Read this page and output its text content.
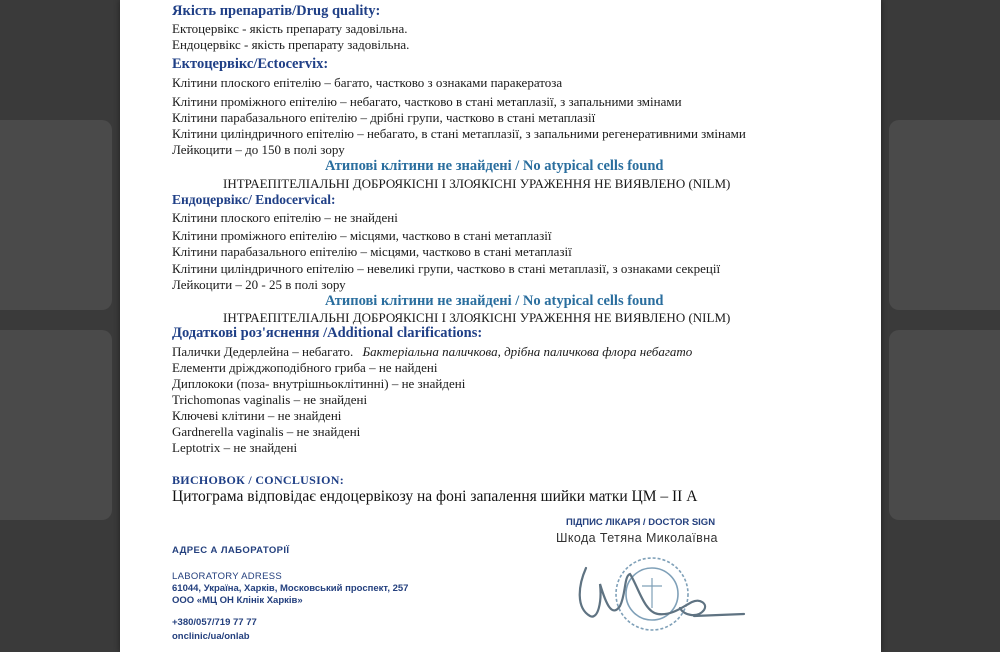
Якість препаратів/Drug quality:
Ектоцервікс - якість препарату задовільна.
Ендоцервікс - якість препарату задовільна.
Ектоцервікс/Ectocervix:
Клітини плоского епітелію – багато, частково з ознаками паракератоза
Клітини проміжного епітелію – небагато, частково в стані метаплазії, з запальними змінами
Клітини парабазального епітелію – дрібні групи, частково в стані метаплазії
Клітини циліндричного епітелію – небагато, в стані метаплазії, з запальними регенеративними змінами
Лейкоцити – до 150 в полі зору
Атипові клітини не знайдені / No atypical cells found
ІНТРАЕПІТЕЛІАЛЬНІ ДОБРОЯКІСНІ І ЗЛОЯКІСНІ УРАЖЕННЯ НЕ ВИЯВЛЕНО (NILM)
Ендоцервікс/ Endocervical:
Клітини плоского епітелію – не знайдені
Клітини проміжного епітелію – місцями, частково в стані метаплазії
Клітини парабазального епітелію – місцями, частково в стані метаплазії
Клітини циліндричного епітелію – невеликі групи, частково в стані метаплазії, з ознаками секреції
Лейкоцити – 20 - 25 в полі зору
Атипові клітини не знайдені / No atypical cells found
ІНТРАЕПІТЕЛІАЛЬНІ ДОБРОЯКІСНІ І ЗЛОЯКІСНІ УРАЖЕННЯ НЕ ВИЯВЛЕНО (NILM)
Додаткові роз'яснення /Additional clarifications:
Палички Дедерлейна – небагато. Бактеріальна паличкова, дрібна паличкова флора небагато
Елементи дріжджоподібного гриба – не найдені
Диплококи (поза- внутрішньоклітинні) – не знайдені
Trichomonas vaginalis – не знайдені
Ключеві клітини – не знайдені
Gardnerella vaginalis – не знайдені
Leptotrix – не знайдені
ВИСНОВОК / CONCLUSION:
Цитограма відповідає ендоцервікозу на фоні запалення шийки матки ЦМ – ІІ А
АДРЕС А ЛАБОРАТОРІЇ
LABORATORY ADRESS
61044, Україна, Харків, Московський проспект, 257
ООО «МЦ ОН Клінік Харків»
+380/057/719 77 77
onclinic/ua/onlab
ПІДПИС ЛІКАРЯ / DOCTOR SIGN
Шкода Тетяна Миколаївна
